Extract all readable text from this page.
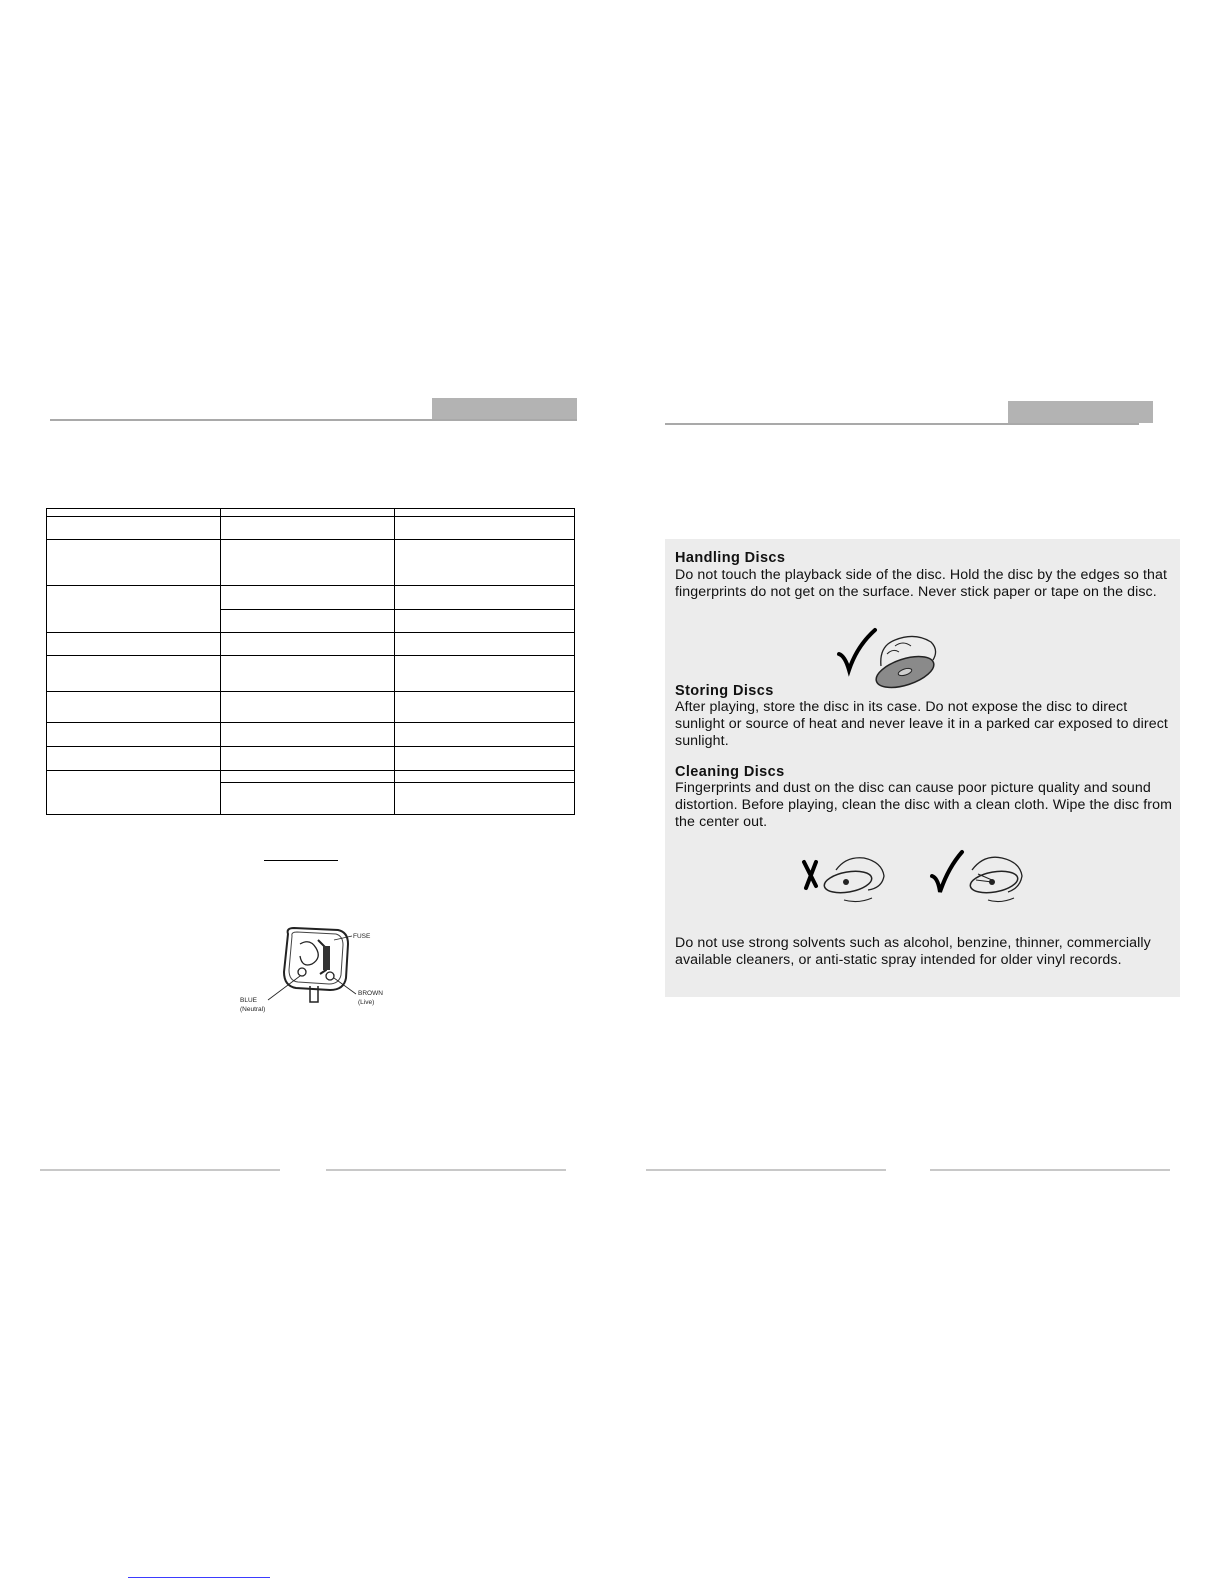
FUSE
BLUE
(Neutral)
BROWN
(Live)
Handling Discs

Do not touch the playback side of the disc. Hold the disc by the edges so that fingerprints do not get on the surface. Never stick paper or tape on the disc.

Storing Discs

After playing, store the disc in its case. Do not expose the disc to direct sunlight or source of heat and never leave it in a parked car exposed to direct sunlight.

Cleaning Discs

Fingerprints and dust on the disc can cause poor picture quality and sound distortion. Before playing, clean the disc with a clean cloth. Wipe the disc from the center out.

Do not use strong solvents such as alcohol, benzine, thinner, commercially available cleaners, or anti-static spray intended for older vinyl records.
